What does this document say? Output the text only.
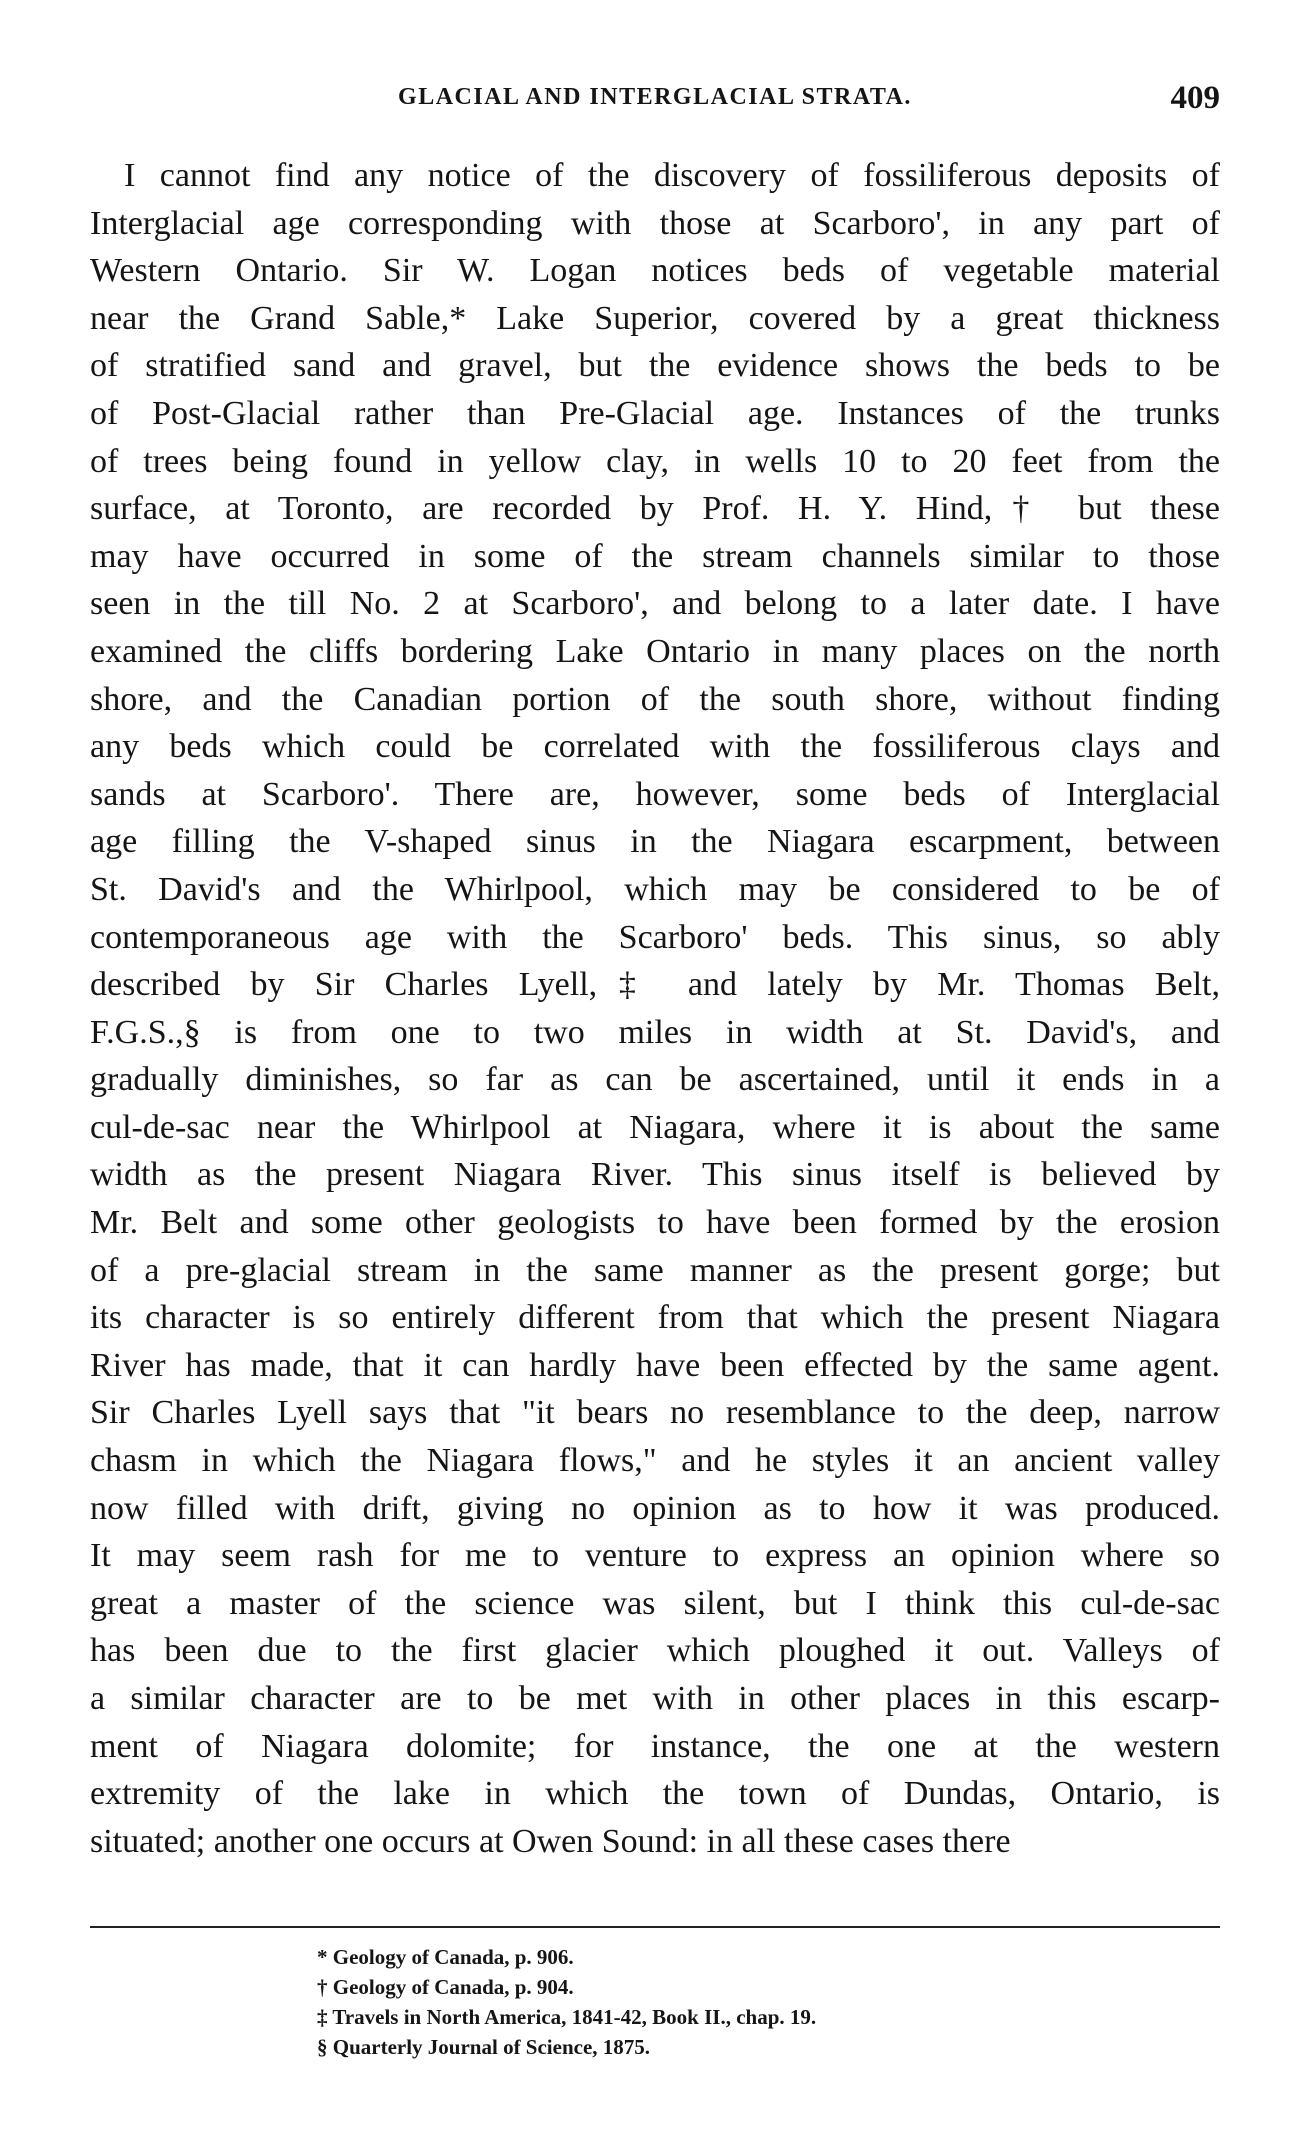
GLACIAL AND INTERGLACIAL STRATA.	409
I cannot find any notice of the discovery of fossiliferous deposits of
Interglacial age corresponding with those at Scarboro', in any part of
Western Ontario. Sir W. Logan notices beds of vegetable material
near the Grand Sable,* Lake Superior, covered by a great thickness
of stratified sand and gravel, but the evidence shows the beds to be
of Post-Glacial rather than Pre-Glacial age. Instances of the trunks
of trees being found in yellow clay, in wells 10 to 20 feet from the
surface, at Toronto, are recorded by Prof. H. Y. Hind,† but these
may have occurred in some of the stream channels similar to those
seen in the till No. 2 at Scarboro', and belong to a later date. I have
examined the cliffs bordering Lake Ontario in many places on the north
shore, and the Canadian portion of the south shore, without finding
any beds which could be correlated with the fossiliferous clays and
sands at Scarboro'. There are, however, some beds of Interglacial
age filling the V-shaped sinus in the Niagara escarpment, between
St. David's and the Whirlpool, which may be considered to be of
contemporaneous age with the Scarboro' beds. This sinus, so ably
described by Sir Charles Lyell,‡ and lately by Mr. Thomas Belt,
F.G.S.,§ is from one to two miles in width at St. David's, and
gradually diminishes, so far as can be ascertained, until it ends in a
cul-de-sac near the Whirlpool at Niagara, where it is about the same
width as the present Niagara River. This sinus itself is believed by
Mr. Belt and some other geologists to have been formed by the erosion
of a pre-glacial stream in the same manner as the present gorge; but
its character is so entirely different from that which the present Niagara
River has made, that it can hardly have been effected by the same agent.
Sir Charles Lyell says that "it bears no resemblance to the deep, narrow
chasm in which the Niagara flows," and he styles it an ancient valley
now filled with drift, giving no opinion as to how it was produced.
It may seem rash for me to venture to express an opinion where so
great a master of the science was silent, but I think this cul-de-sac
has been due to the first glacier which ploughed it out. Valleys of
a similar character are to be met with in other places in this escarp-
ment of Niagara dolomite; for instance, the one at the western
extremity of the lake in which the town of Dundas, Ontario, is
situated; another one occurs at Owen Sound: in all these cases there
* Geology of Canada, p. 906.
† Geology of Canada, p. 904.
‡ Travels in North America, 1841-42, Book II., chap. 19.
§ Quarterly Journal of Science, 1875.
